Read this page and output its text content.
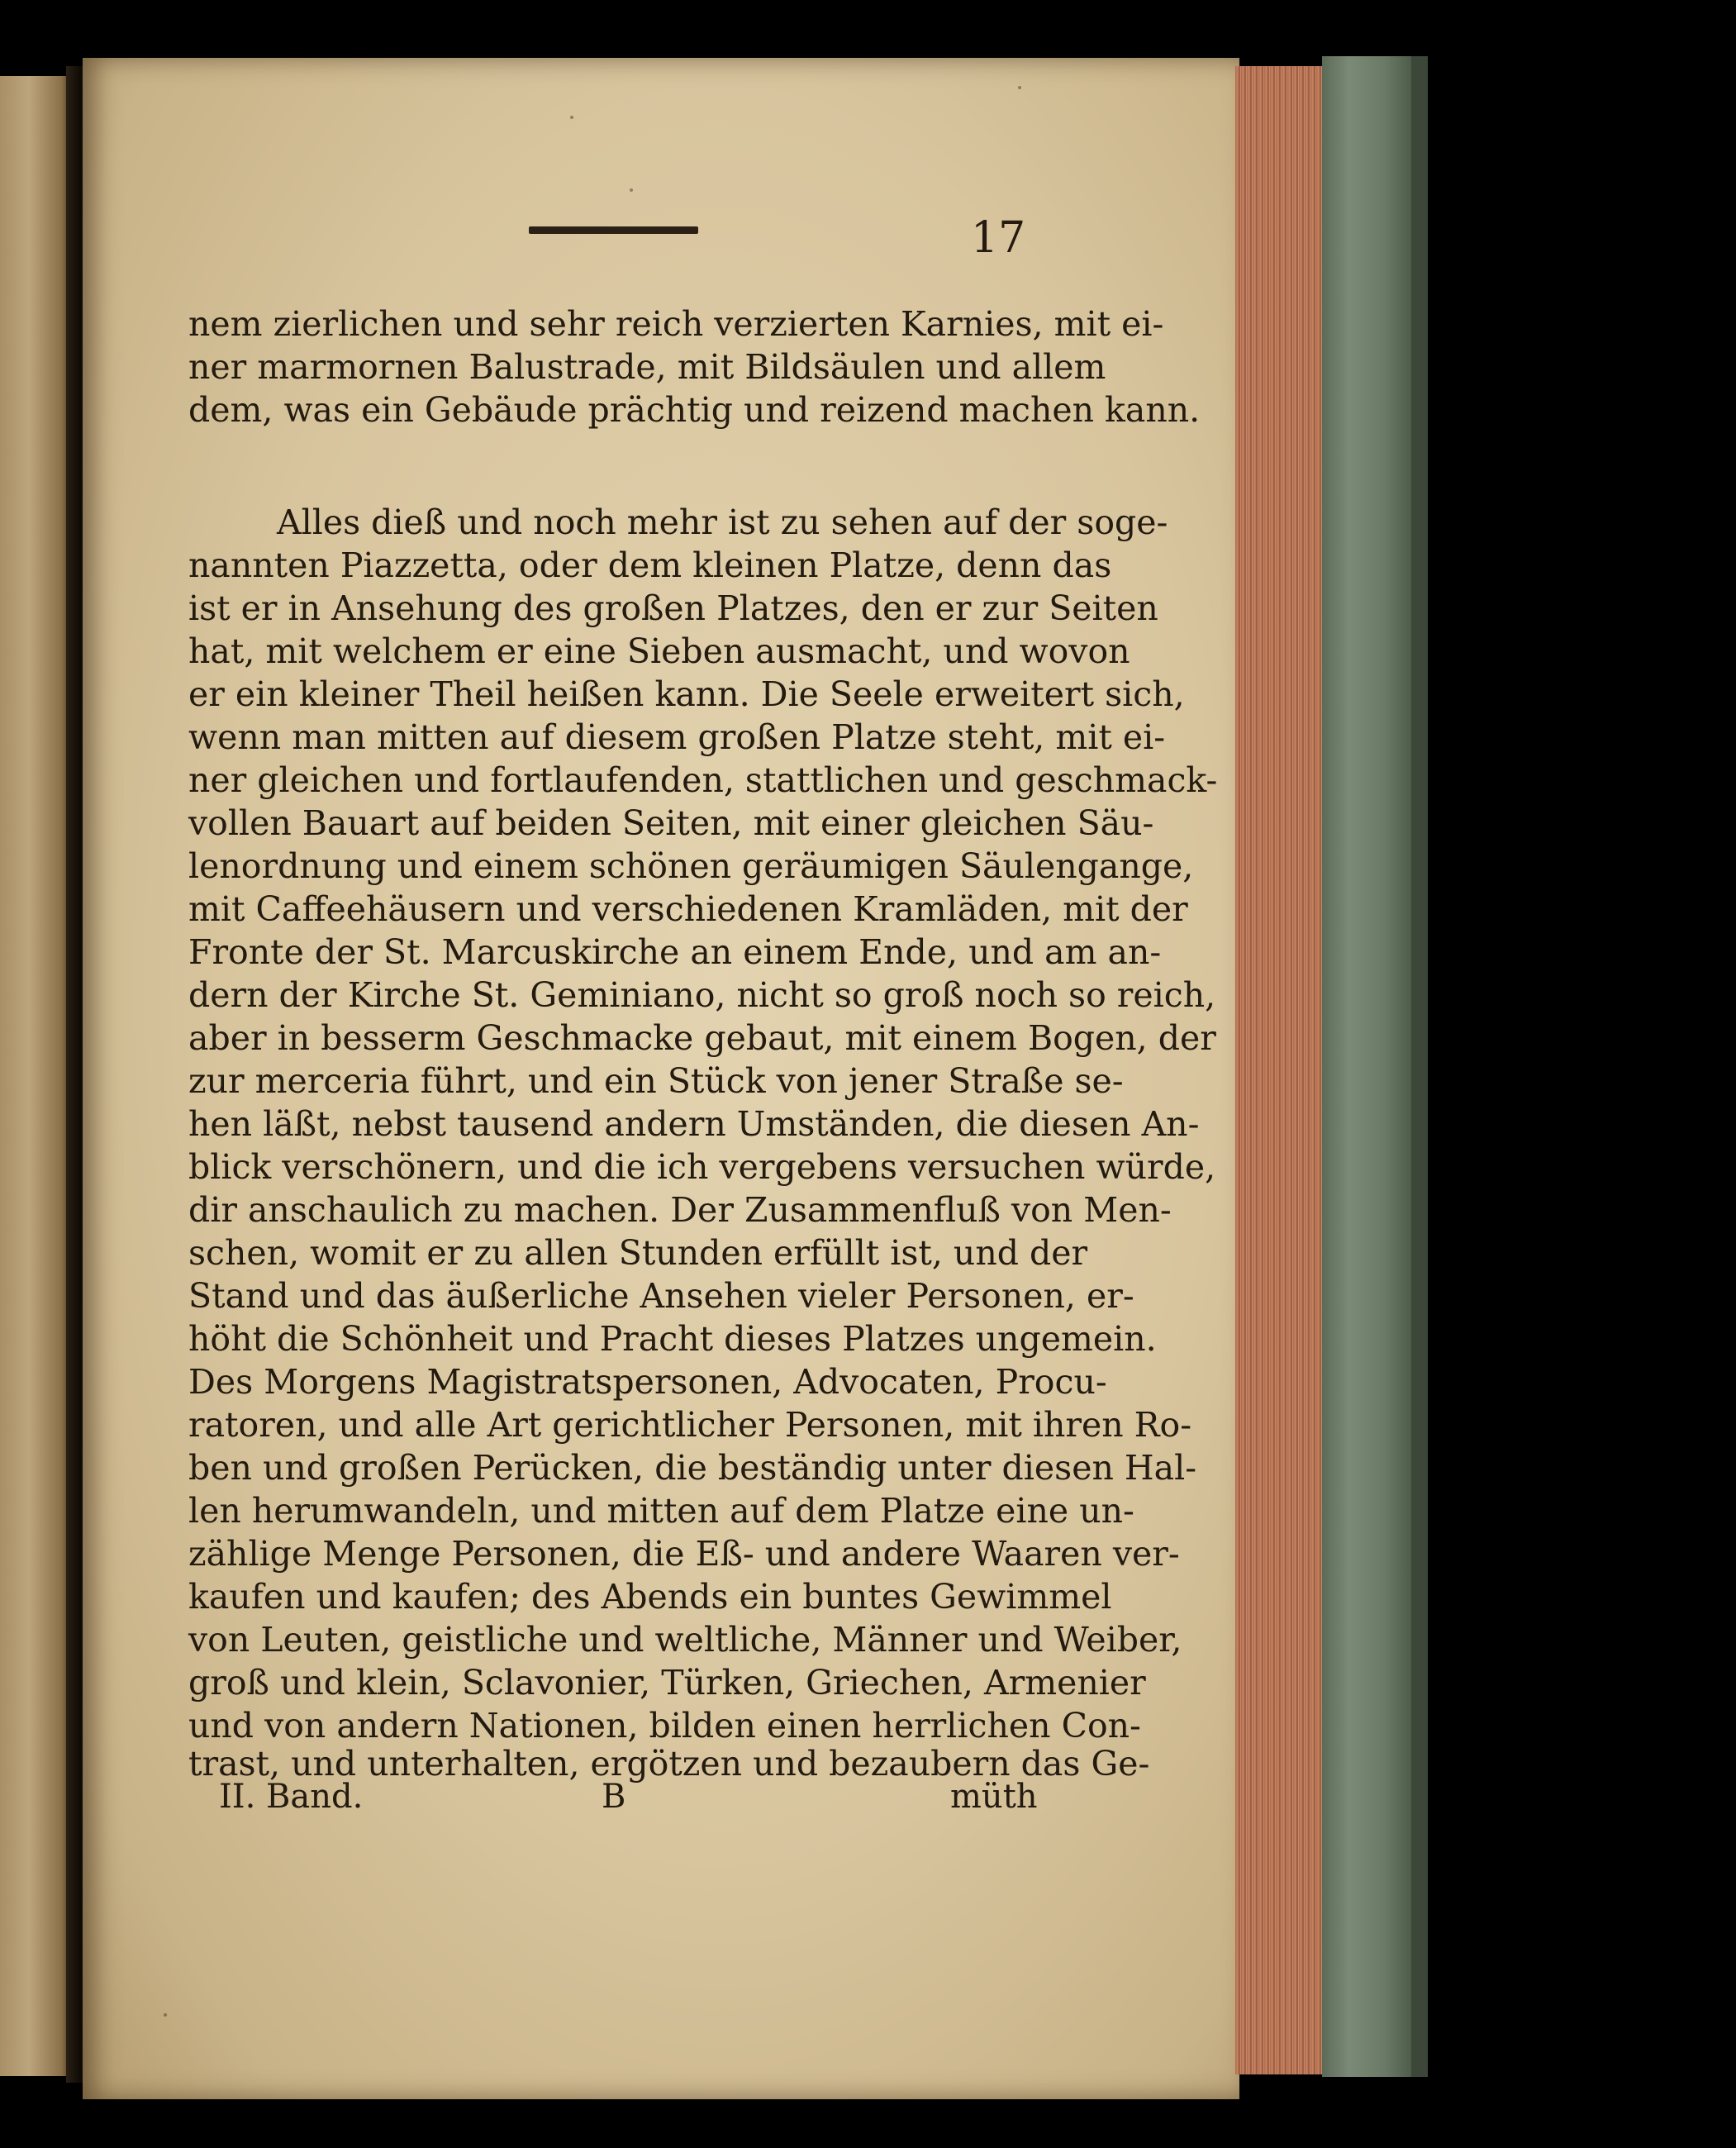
17
nem zierlichen und sehr reich verzierten Karnies, mit ei-
ner marmornen Balustrade, mit Bildsäulen und allem
dem, was ein Gebäude prächtig und reizend machen kann.
Alles dieß und noch mehr ist zu sehen auf der soge-
nannten Piazzetta, oder dem kleinen Platze, denn das
ist er in Ansehung des großen Platzes, den er zur Seiten
hat, mit welchem er eine Sieben ausmacht, und wovon
er ein kleiner Theil heißen kann. Die Seele erweitert sich,
wenn man mitten auf diesem großen Platze steht, mit ei-
ner gleichen und fortlaufenden, stattlichen und geschmack-
vollen Bauart auf beiden Seiten, mit einer gleichen Säu-
lenordnung und einem schönen geräumigen Säulengange,
mit Caffeehäusern und verschiedenen Kramläden, mit der
Fronte der St. Marcuskirche an einem Ende, und am an-
dern der Kirche St. Geminiano, nicht so groß noch so reich,
aber in besserm Geschmacke gebaut, mit einem Bogen, der
zur merceria führt, und ein Stück von jener Straße se-
hen läßt, nebst tausend andern Umständen, die diesen An-
blick verschönern, und die ich vergebens versuchen würde,
dir anschaulich zu machen. Der Zusammenfluß von Men-
schen, womit er zu allen Stunden erfüllt ist, und der
Stand und das äußerliche Ansehen vieler Personen, er-
höht die Schönheit und Pracht dieses Platzes ungemein.
Des Morgens Magistratspersonen, Advocaten, Procu-
ratoren, und alle Art gerichtlicher Personen, mit ihren Ro-
ben und großen Perücken, die beständig unter diesen Hal-
len herumwandeln, und mitten auf dem Platze eine un-
zählige Menge Personen, die Eß- und andere Waaren ver-
kaufen und kaufen; des Abends ein buntes Gewimmel
von Leuten, geistliche und weltliche, Männer und Weiber,
groß und klein, Sclavonier, Türken, Griechen, Armenier
und von andern Nationen, bilden einen herrlichen Con-
trast, und unterhalten, ergötzen und bezaubern das Ge-
II. Band.	B	müth
